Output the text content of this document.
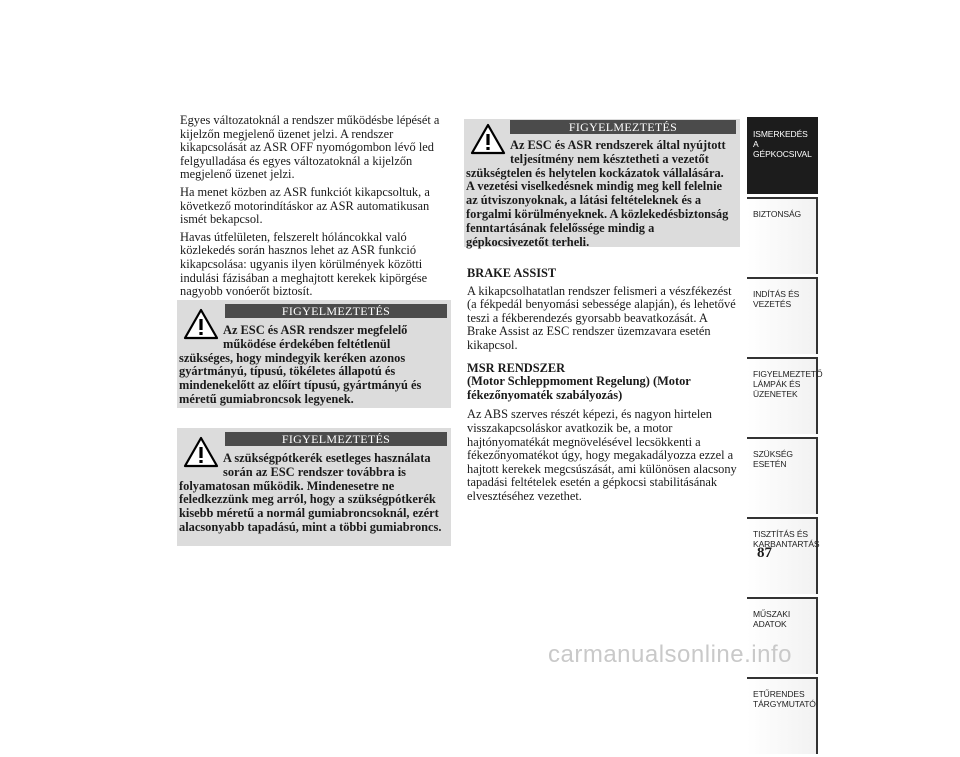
Egyes változatoknál a rendszer működésbe lépését a kijelzőn megjelenő üzenet jelzi. A rendszer kikapcsolását az ASR OFF nyomógombon lévő led felgyulladása és egyes változatoknál a kijelzőn megjelenő üzenet jelzi.

Ha menet közben az ASR funkciót kikapcsoltuk, a következő motorindításkor az ASR automatikusan ismét bekapcsol.

Havas útfelületen, felszerelt hóláncokkal való közlekedés során hasznos lehet az ASR funkció kikapcsolása: ugyanis ilyen körülmények közötti indulási fázisában a meghajtott kerekek kipörgése nagyobb vonóerőt biztosít.

FIGYELMEZTETÉS
Az ESC és ASR rendszer megfelelő működése érdekében feltétlenül
szükséges, hogy mindegyik keréken azonos gyártmányú, típusú, tökéletes állapotú és mindenekelőtt az előírt típusú, gyártmányú és méretű gumiabroncsok legyenek.
FIGYELMEZTETÉS
A szükségpótkerék esetleges használata során az ESC rendszer továbbra is
folyamatosan működik. Mindenesetre ne feledkezzünk meg arról, hogy a szükségpótkerék kisebb méretű a normál gumiabroncsoknál, ezért alacsonyabb tapadású, mint a többi gumiabroncs.
FIGYELMEZTETÉS
Az ESC és ASR rendszerek által nyújtott teljesítmény nem késztetheti a vezetőt
szükségtelen és helytelen kockázatok vállalására. A vezetési viselkedésnek mindig meg kell felelnie az útviszonyoknak, a látási feltételeknek és a forgalmi körülményeknek. A közlekedésbiztonság fenntartásának felelőssége mindig a gépkocsivezetőt terheli.

BRAKE ASSIST

A kikapcsolhatatlan rendszer felismeri a vészfékezést (a fékpedál benyomási sebessége alapján), és lehetővé teszi a fékberendezés gyorsabb beavatkozását. A Brake Assist az ESC rendszer üzemzavara esetén kikapcsol.

MSR RENDSZER

(Motor Schleppmoment Regelung) (Motor fékezőnyomaték szabályozás)

Az ABS szerves részét képezi, és nagyon hirtelen visszakapcsoláskor avatkozik be, a motor hajtónyomatékát megnövelésével lecsökkenti a fékezőnyomatékot úgy, hogy megakadályozza ezzel a hajtott kerekek megcsúszását, ami különösen alacsony tapadási feltételek esetén a gépkocsi stabilitásának elvesztéséhez vezethet.

ISMERKEDÉS A GÉPKOCSIVAL
BIZTONSÁG
INDÍTÁS ÉS VEZETÉS
FIGYELMEZTETŐ LÁMPÁK ÉS ÜZENETEK
SZÜKSÉG ESETÉN
TISZTÍTÁS ÉS KARBANTARTÁS
MŰSZAKI ADATOK
ETŰRENDES TÁRGYMUTATÓ
87
carmanualsonline.info
